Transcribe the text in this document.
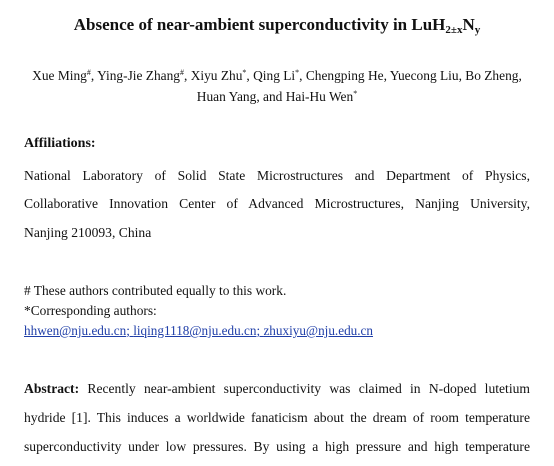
Absence of near-ambient superconductivity in $LuH_{2\pm x}N_y$
Xue Ming#, Ying-Jie Zhang#, Xiyu Zhu*, Qing Li*, Chengping He, Yuecong Liu, Bo Zheng, Huan Yang, and Hai-Hu Wen*
Affiliations:
National Laboratory of Solid State Microstructures and Department of Physics,
Collaborative Innovation Center of Advanced Microstructures, Nanjing University,
Nanjing 210093, China
# These authors contributed equally to this work.
*Corresponding authors:
hhwen@nju.edu.cn; liqing1118@nju.edu.cn; zhuxiyu@nju.edu.cn
Abstract: Recently near-ambient superconductivity was claimed in N-doped lutetium
hydride [1]. This induces a worldwide fanaticism about the dream of room temperature
superconductivity under low pressures. By using a high pressure and high temperature
